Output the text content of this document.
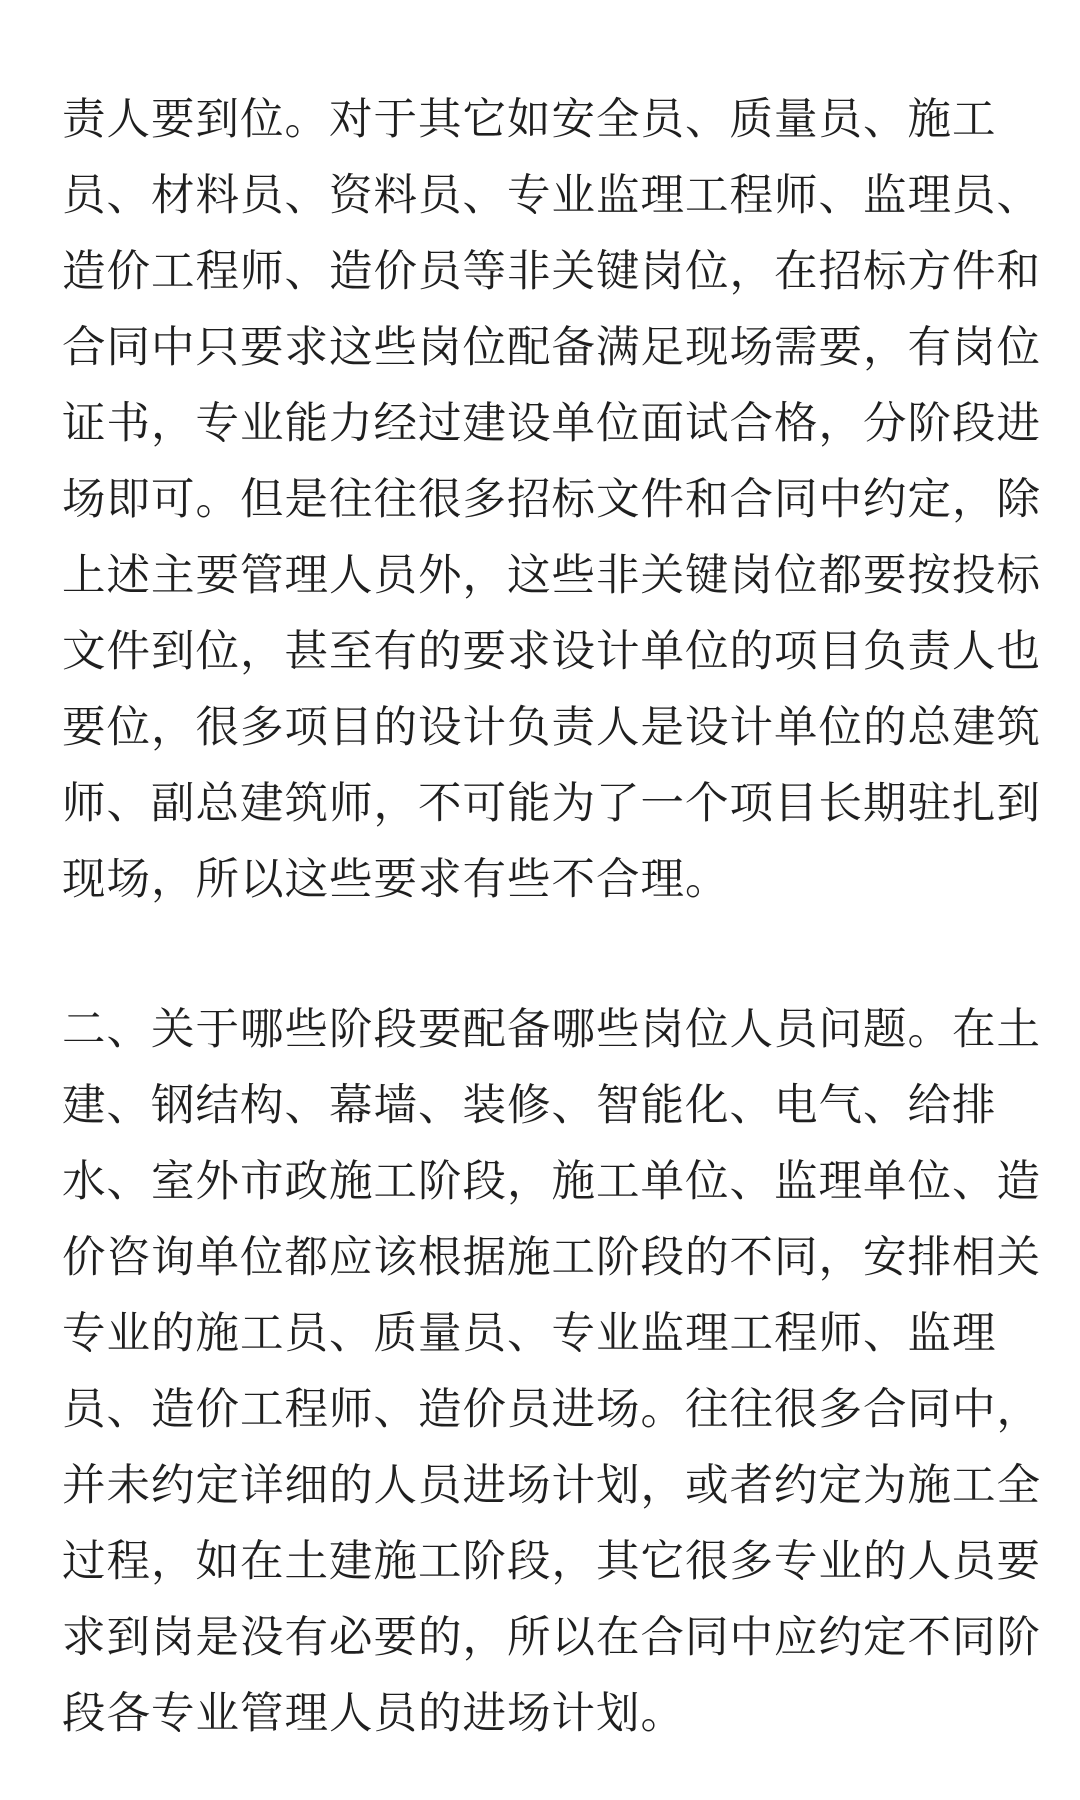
责人要到位。对于其它如安全员、质量员、施工
员、材料员、资料员、专业监理工程师、监理员、
造价工程师、造价员等非关键岗位，在招标方件和
合同中只要求这些岗位配备满足现场需要，有岗位
证书，专业能力经过建设单位面试合格，分阶段进
场即可。但是往往很多招标文件和合同中约定，除
上述主要管理人员外，这些非关键岗位都要按投标
文件到位，甚至有的要求设计单位的项目负责人也
要位，很多项目的设计负责人是设计单位的总建筑
师、副总建筑师，不可能为了一个项目长期驻扎到
现场，所以这些要求有些不合理。

二、关于哪些阶段要配备哪些岗位人员问题。在土
建、钢结构、幕墙、装修、智能化、电气、给排
水、室外市政施工阶段，施工单位、监理单位、造
价咨询单位都应该根据施工阶段的不同，安排相关
专业的施工员、质量员、专业监理工程师、监理
员、造价工程师、造价员进场。往往很多合同中，
并未约定详细的人员进场计划，或者约定为施工全
过程，如在土建施工阶段，其它很多专业的人员要
求到岗是没有必要的，所以在合同中应约定不同阶
段各专业管理人员的进场计划。
